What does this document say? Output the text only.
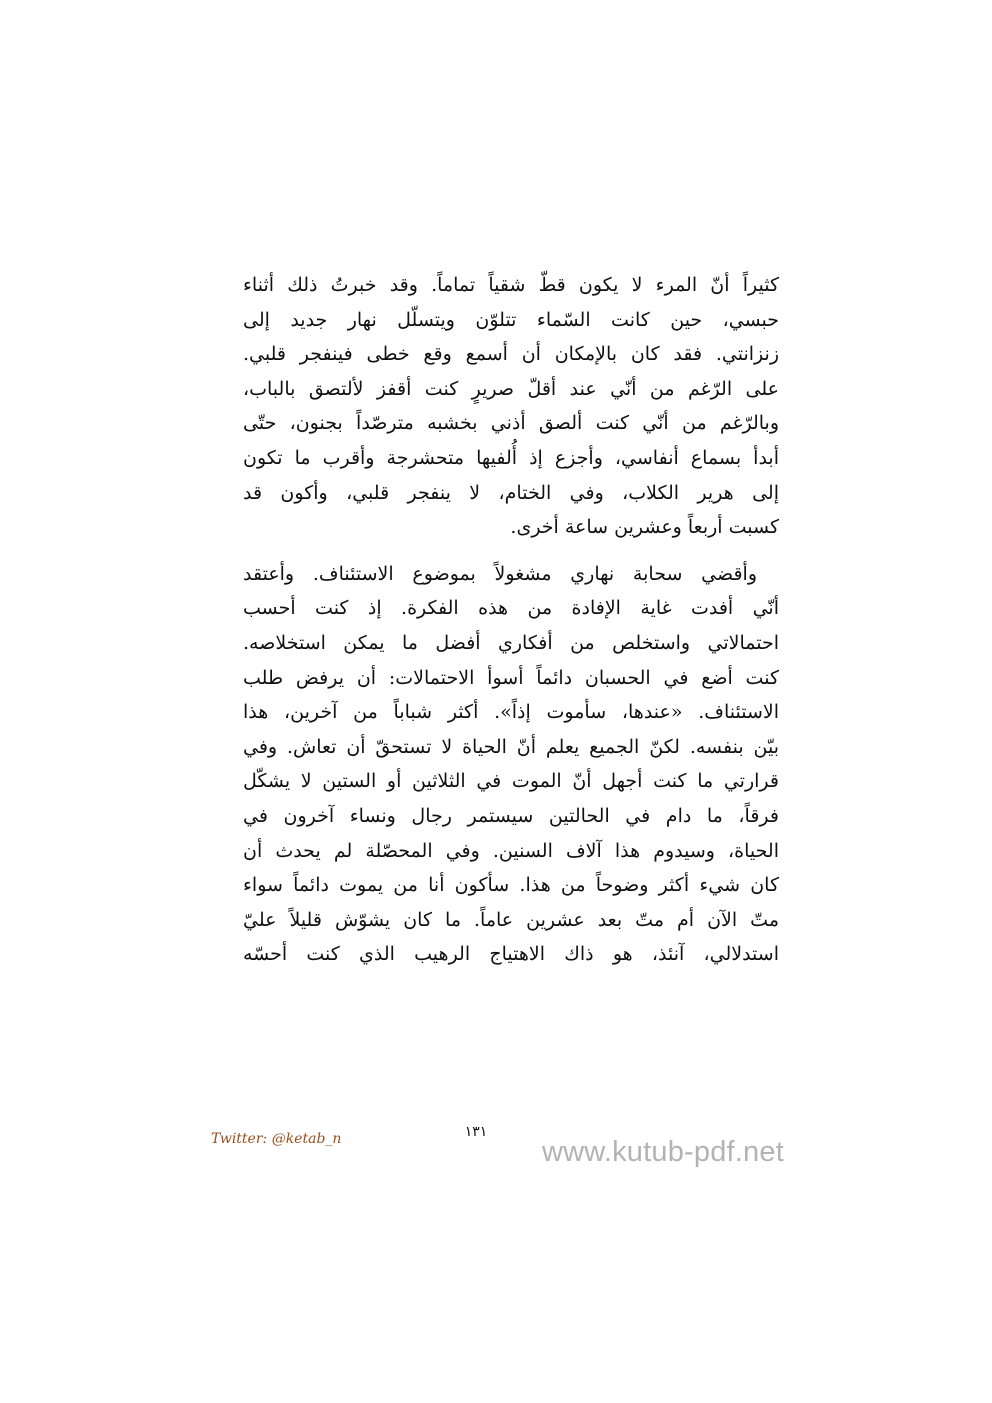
كثيراً أنّ المرء لا يكون قطّ شقياً تماماً. وقد خبرتُ ذلك أثناء
حبسي، حين كانت السّماء تتلوّن ويتسلّل نهار جديد إلى
زنزانتي. فقد كان بالإمكان أن أسمع وقع خطى فينفجر قلبي.
على الرّغم من أنّي عند أقلّ صريرٍ كنت أقفز لألتصق بالباب،
وبالرّغم من أنّي كنت ألصق أذني بخشبه مترصّداً بجنون، حتّى
أبدأ بسماع أنفاسي، وأجزع إذ أُلفيها متحشرجة وأقرب ما تكون
إلى هرير الكلاب، وفي الختام، لا ينفجر قلبي، وأكون قد
كسبت أربعاً وعشرين ساعة أخرى.
وأقضي سحابة نهاري مشغولاً بموضوع الاستئناف. وأعتقد
أنّي أفدت غاية الإفادة من هذه الفكرة. إذ كنت أحسب
احتمالاتي واستخلص من أفكاري أفضل ما يمكن استخلاصه.
كنت أضع في الحسبان دائماً أسوأ الاحتمالات: أن يرفض طلب
الاستئناف. «عندها، سأموت إذاً». أكثر شباباً من آخرين، هذا
بيّن بنفسه. لكنّ الجميع يعلم أنّ الحياة لا تستحقّ أن تعاش. وفي
قرارتي ما كنت أجهل أنّ الموت في الثلاثين أو الستين لا يشكّل
فرقاً، ما دام في الحالتين سيستمر رجال ونساء آخرون في
الحياة، وسيدوم هذا آلاف السنين. وفي المحصّلة لم يحدث أن
كان شيء أكثر وضوحاً من هذا. سأكون أنا من يموت دائماً سواء
متّ الآن أم متّ بعد عشرين عاماً. ما كان يشوّش قليلاً عليّ
استدلالي، آنئذ، هو ذاك الاهتياج الرهيب الذي كنت أحسّه
Twitter: @ketab_n	١٣١
www.kutub-pdf.net
